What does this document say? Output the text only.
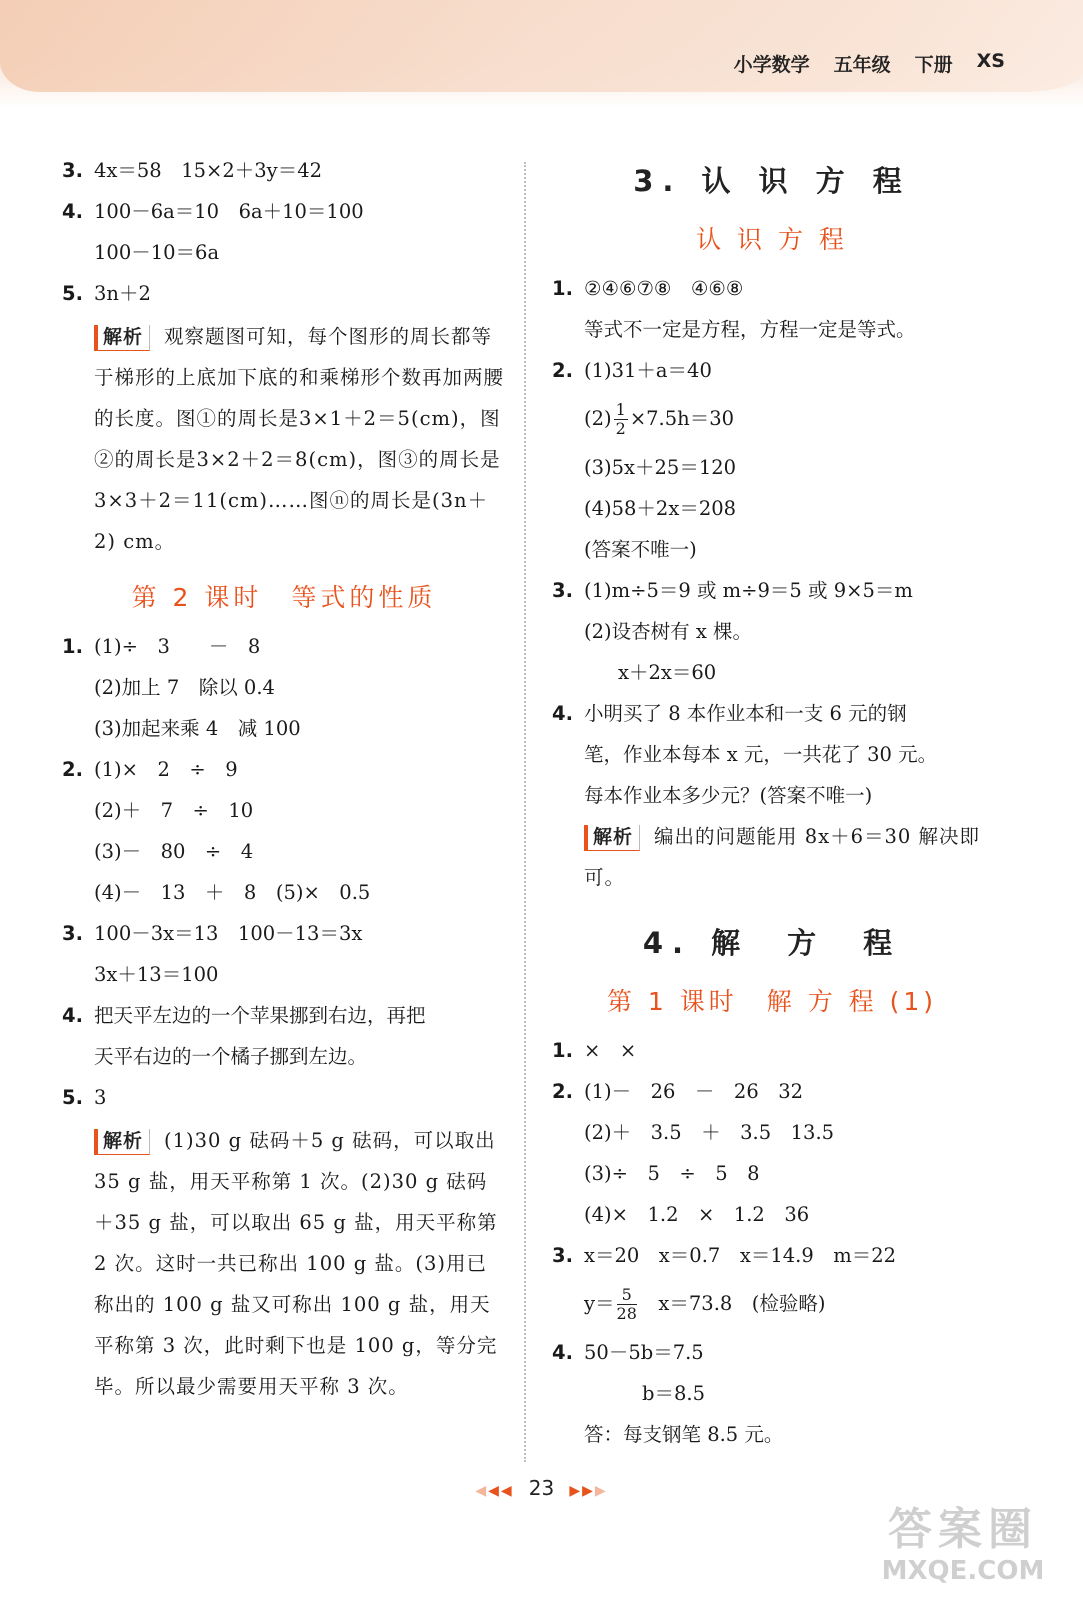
小学数学 五年级 下册 XS
3. 4x＝58　15×2＋3y＝42
4. 100－6a＝10　6a＋10＝100
100－10＝6a
5. 3n＋2
解析 观察题图可知，每个图形的周长都等于梯形的上底加下底的和乘梯形个数再加两腰的长度。图①的周长是3×1＋2＝5(cm)，图②的周长是3×2＋2＝8(cm)，图③的周长是3×3＋2＝11(cm)……图ⓝ的周长是(3n＋2) cm。
第 2 课时　等式的性质
1. (1)÷　3　　－　8
(2)加上 7　除以 0.4
(3)加起来乘 4　减 100
2. (1)×　2　÷　9
(2)＋　7　÷　10
(3)－　80　÷　4
(4)－　13　＋　8　(5)×　0.5
3. 100－3x＝13　100－13＝3x
3x＋13＝100
4. 把天平左边的一个苹果挪到右边，再把
天平右边的一个橘子挪到左边。
5. 3
解析 (1)30 g 砝码＋5 g 砝码，可以取出 35 g 盐，用天平称第 1 次。(2)30 g 砝码＋35 g 盐，可以取出 65 g 盐，用天平称第 2 次。这时一共已称出 100 g 盐。(3)用已称出的 100 g 盐又可称出 100 g 盐，用天平称第 3 次，此时剩下也是 100 g，等分完毕。所以最少需要用天平称 3 次。
3. 认 识 方 程
认 识 方 程
1. ②④⑥⑦⑧　④⑥⑧
等式不一定是方程，方程一定是等式。
2. (1)31＋a＝40
$(2) \frac{1}{2} \times 7.5h=30$
(3)5x＋25＝120
(4)58＋2x＝208
(答案不唯一)
3. (1)m÷5＝9 或 m÷9＝5 或 9×5＝m
(2)设杏树有 x 棵。
x＋2x＝60
4. 小明买了 8 本作业本和一支 6 元的钢
笔，作业本每本 x 元，一共花了 30 元。
每本作业本多少元？(答案不唯一)
解析 编出的问题能用 8x＋6＝30 解决即可。
4. 解　方　程
第 1 课时　解 方 程 (1)
1. ×　×
2. (1)－　26　－　26　32
(2)＋　3.5　＋　3.5　13.5
(3)÷　5　÷　5　8
(4)×　1.2　×　1.2　36
3. x＝20　x＝0.7　x＝14.9　m＝22
$y= \frac{5}{28}$ 　x＝73.8　(检验略)
4. 50－5b＝7.5
b＝8.5
答：每支钢笔 8.5 元。
◀◀◀ 23 ▶▶▶
答案圈
MXQE.COM
